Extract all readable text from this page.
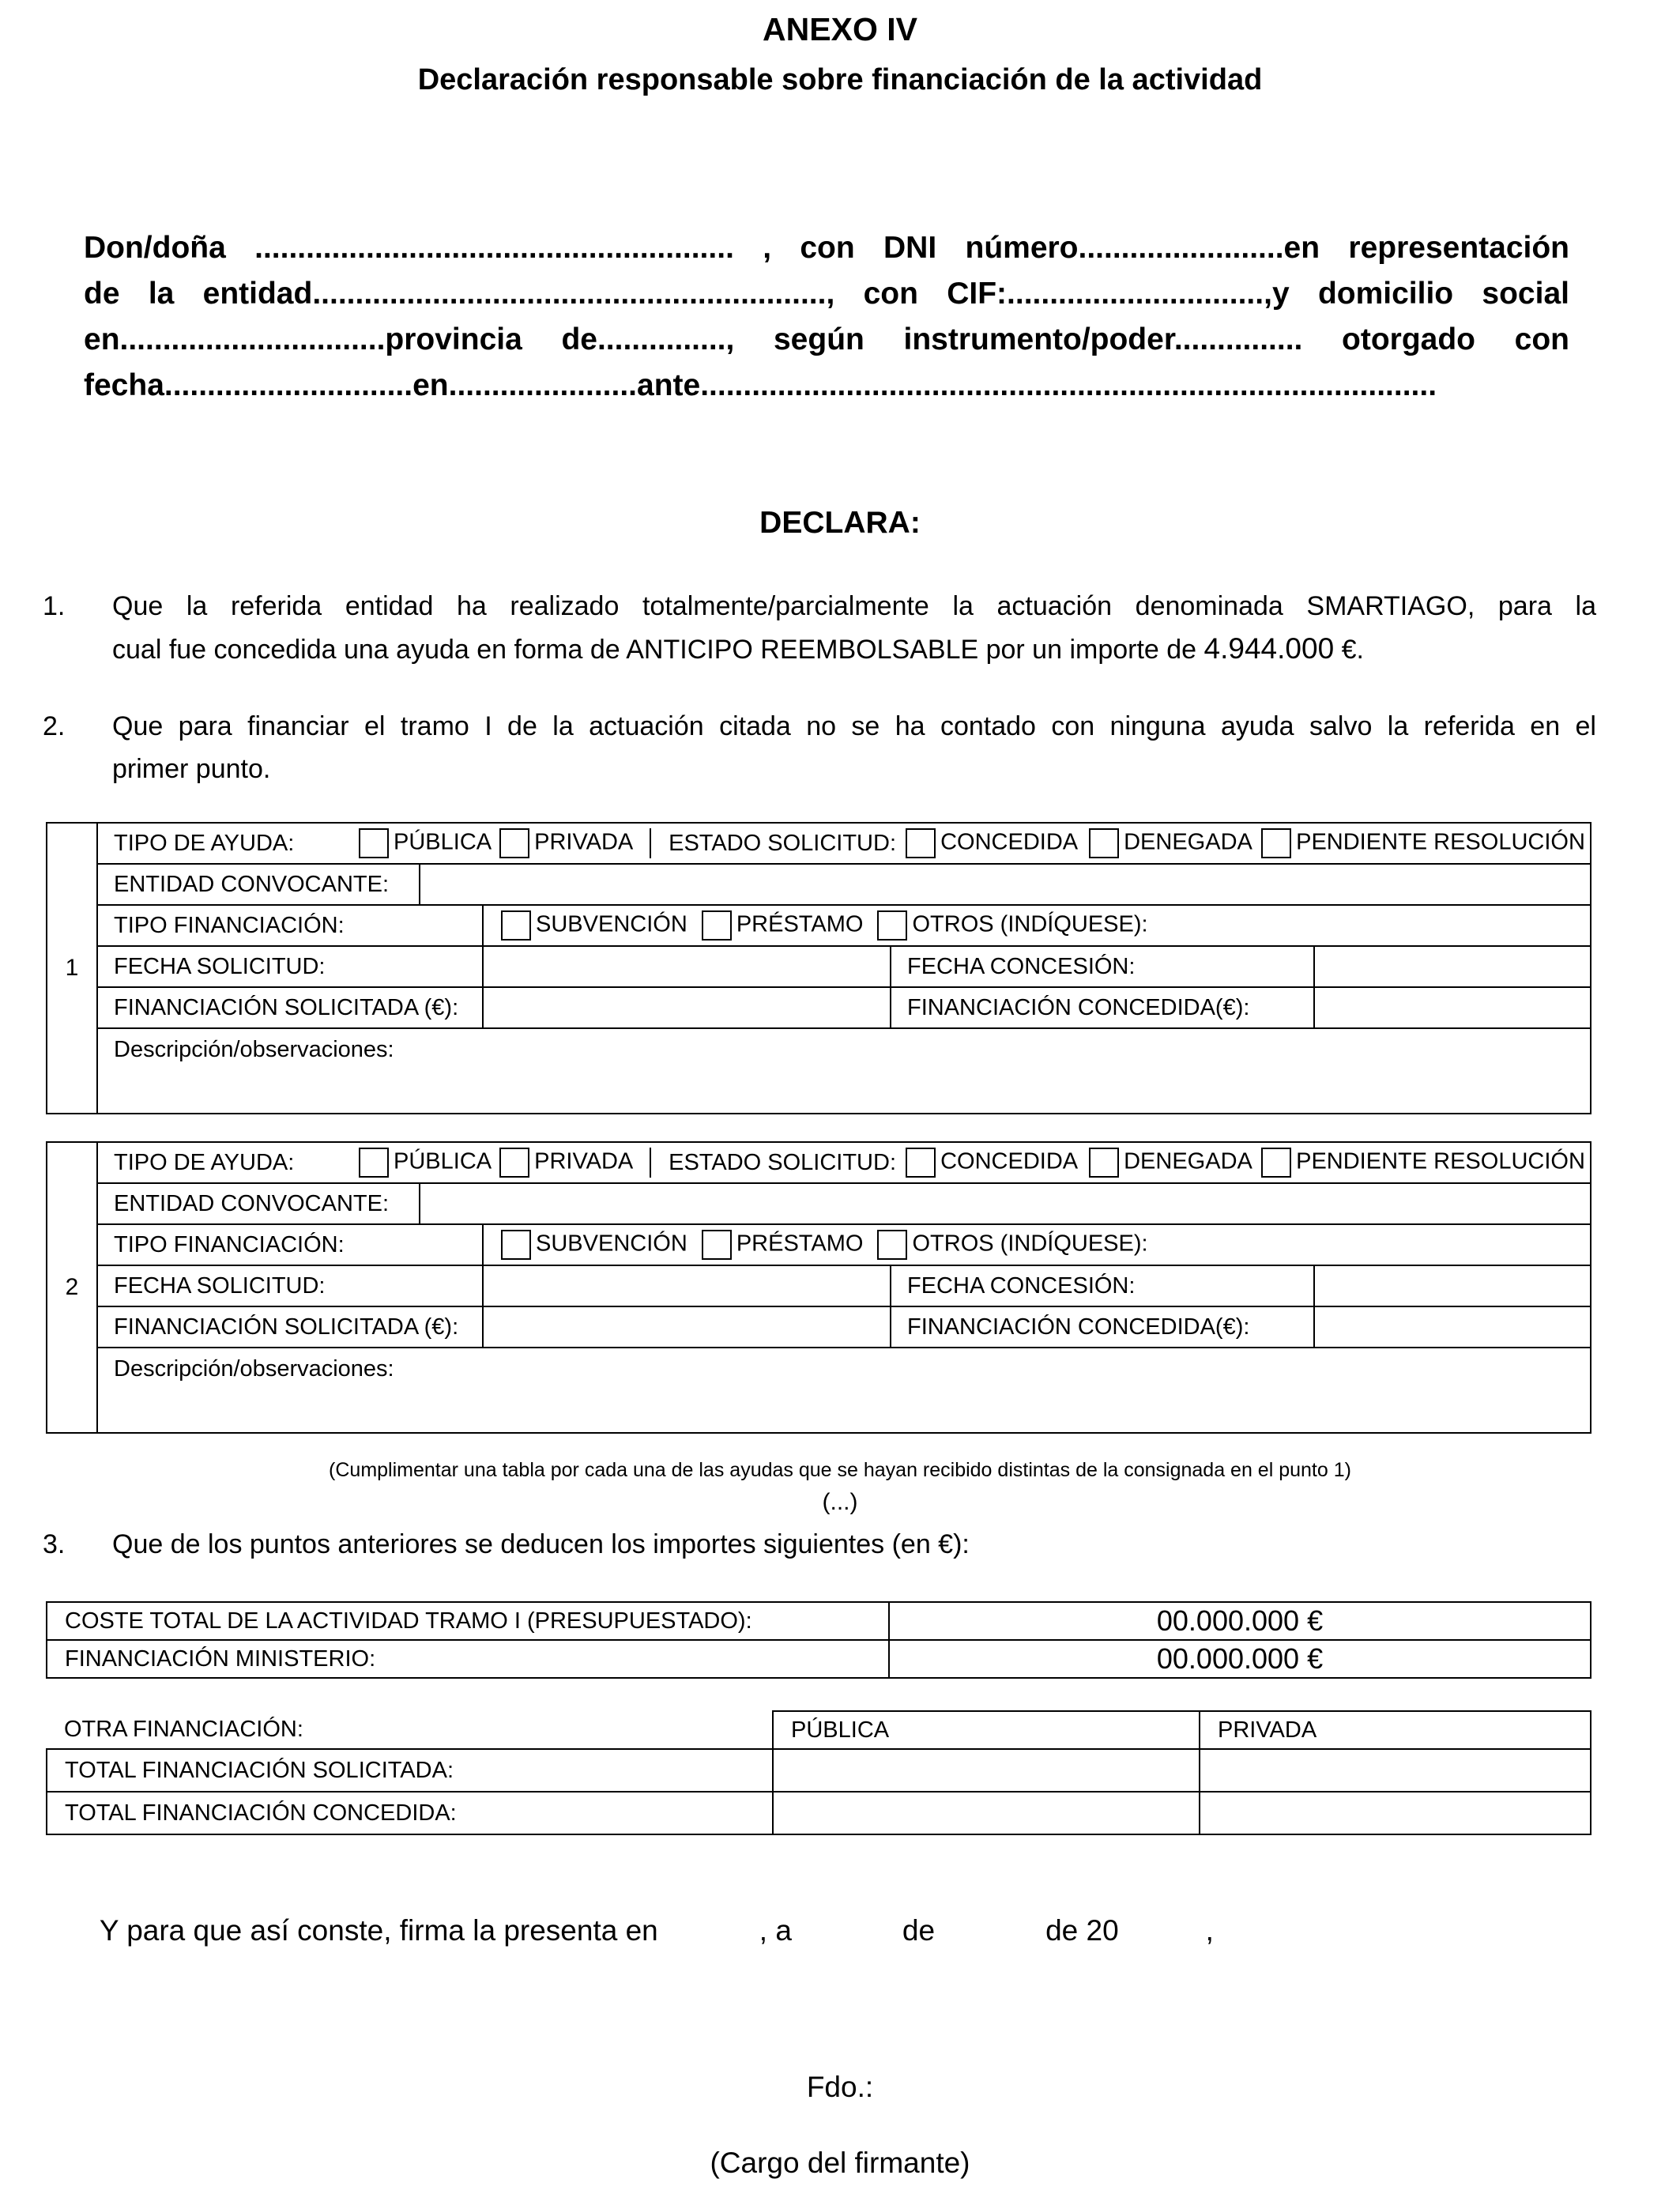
ANEXO IV
Declaración responsable sobre financiación de la actividad
Don/doña ........................................................ , con DNI número........................en representación
de la entidad............................................................, con CIF:..............................,y domicilio social
en...............................provincia de..............., según instrumento/poder............... otorgado con
fecha.............................en......................ante......................................................................................
DECLARA:
1.	Que la referida entidad ha realizado totalmente/parcialmente la actuación denominada SMARTIAGO, para la
cual fue concedida una ayuda en forma de ANTICIPO REEMBOLSABLE por un importe de 4.944.000 €.
2.	Que para financiar el tramo I de la actuación citada no se ha contado con ninguna ayuda salvo la referida en el
primer punto.
1	
TIPO DE AYUDA:	PÚBLICA	PRIVADA	ESTADO SOLICITUD:	CONCEDIDA	DENEGADA	PENDIENTE RESOLUCIÓN

ENTIDAD CONVOCANTE:	

TIPO FINANCIACIÓN:	SUBVENCIÓN PRÉSTAMO OTROS (INDÍQUESE):
FECHA SOLICITUD:		FECHA CONCESIÓN:	
FINANCIACIÓN SOLICITADA (€):		FINANCIACIÓN CONCEDIDA(€):	
Descripción/observaciones:
2	
TIPO DE AYUDA:	PÚBLICA	PRIVADA	ESTADO SOLICITUD:	CONCEDIDA	DENEGADA	PENDIENTE RESOLUCIÓN

ENTIDAD CONVOCANTE:	

TIPO FINANCIACIÓN:	SUBVENCIÓN PRÉSTAMO OTROS (INDÍQUESE):
FECHA SOLICITUD:		FECHA CONCESIÓN:	
FINANCIACIÓN SOLICITADA (€):		FINANCIACIÓN CONCEDIDA(€):	
Descripción/observaciones:
(Cumplimentar una tabla por cada una de las ayudas que se hayan recibido distintas de la consignada en el punto 1)
(...)
3.	Que de los puntos anteriores se deducen los importes siguientes (en €):
COSTE TOTAL DE LA ACTIVIDAD TRAMO I (PRESUPUESTADO):	00.000.000 €
FINANCIACIÓN MINISTERIO:	00.000.000 €
OTRA FINANCIACIÓN:	PÚBLICA	PRIVADA
TOTAL FINANCIACIÓN SOLICITADA:		
TOTAL FINANCIACIÓN CONCEDIDA:		

Y para que así conste, firma la presenta en	, a	de	de 20	,

Fdo.:
(Cargo del firmante)
